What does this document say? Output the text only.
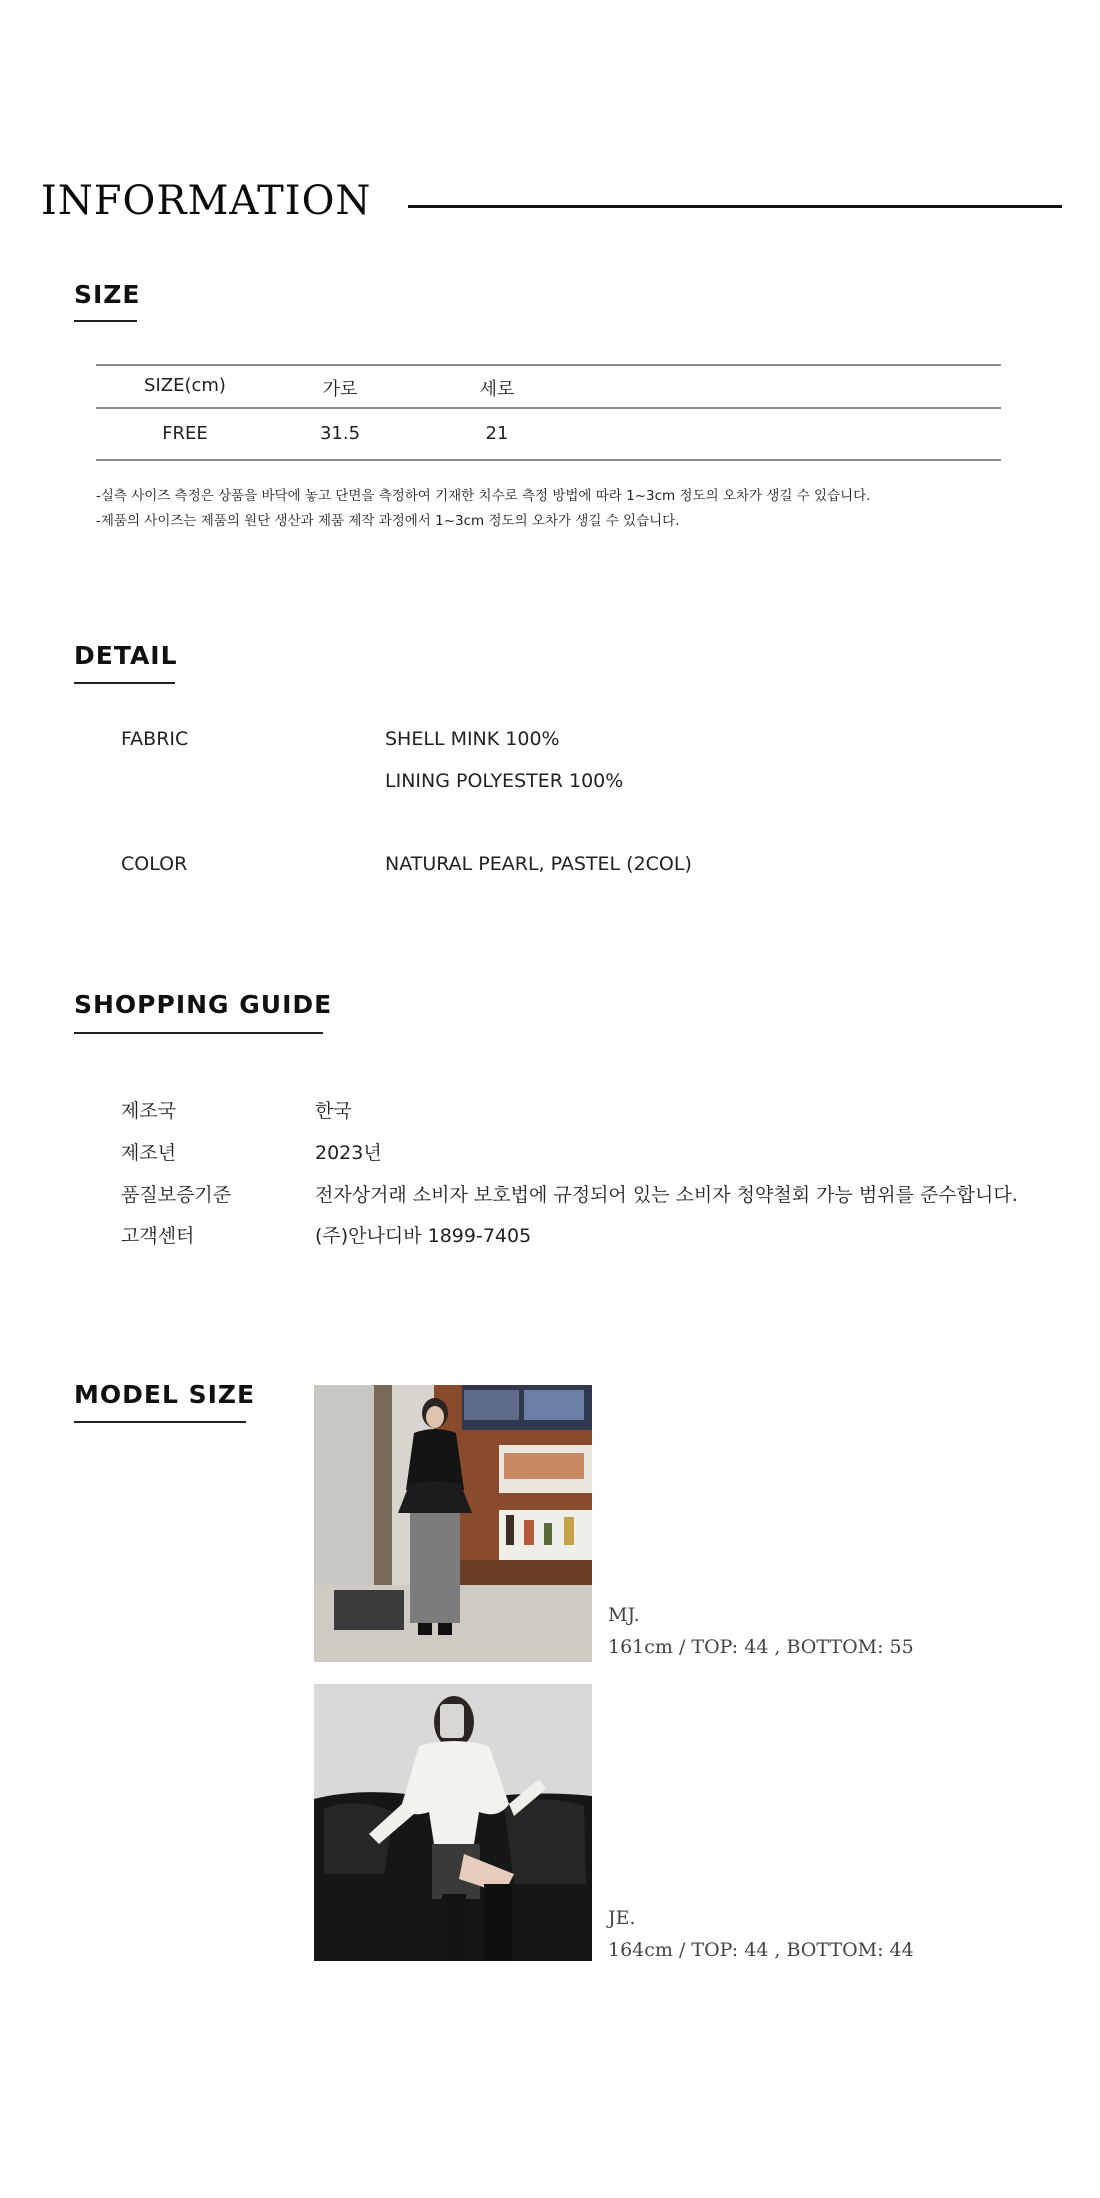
INFORMATION
SIZE
SIZE(cm)	가로	세로
FREE	31.5	21
-실측 사이즈 측정은 상품을 바닥에 놓고 단면을 측정하여 기재한 치수로 측정 방법에 따라 1~3cm 정도의 오차가 생길 수 있습니다.
-제품의 사이즈는 제품의 원단 생산과 제품 제작 과정에서 1~3cm 정도의 오차가 생길 수 있습니다.
DETAIL
FABRIC	SHELL MINK 100%
LINING POLYESTER 100%
COLOR	NATURAL PEARL, PASTEL (2COL)
SHOPPING GUIDE
제조국	한국
제조년	2023년
품질보증기준	전자상거래 소비자 보호법에 규정되어 있는 소비자 청약철회 가능 범위를 준수합니다.
고객센터	(주)안나디바 1899-7405
MODEL SIZE
MJ.
161cm / TOP: 44 , BOTTOM: 55
JE.
164cm / TOP: 44 , BOTTOM: 44
